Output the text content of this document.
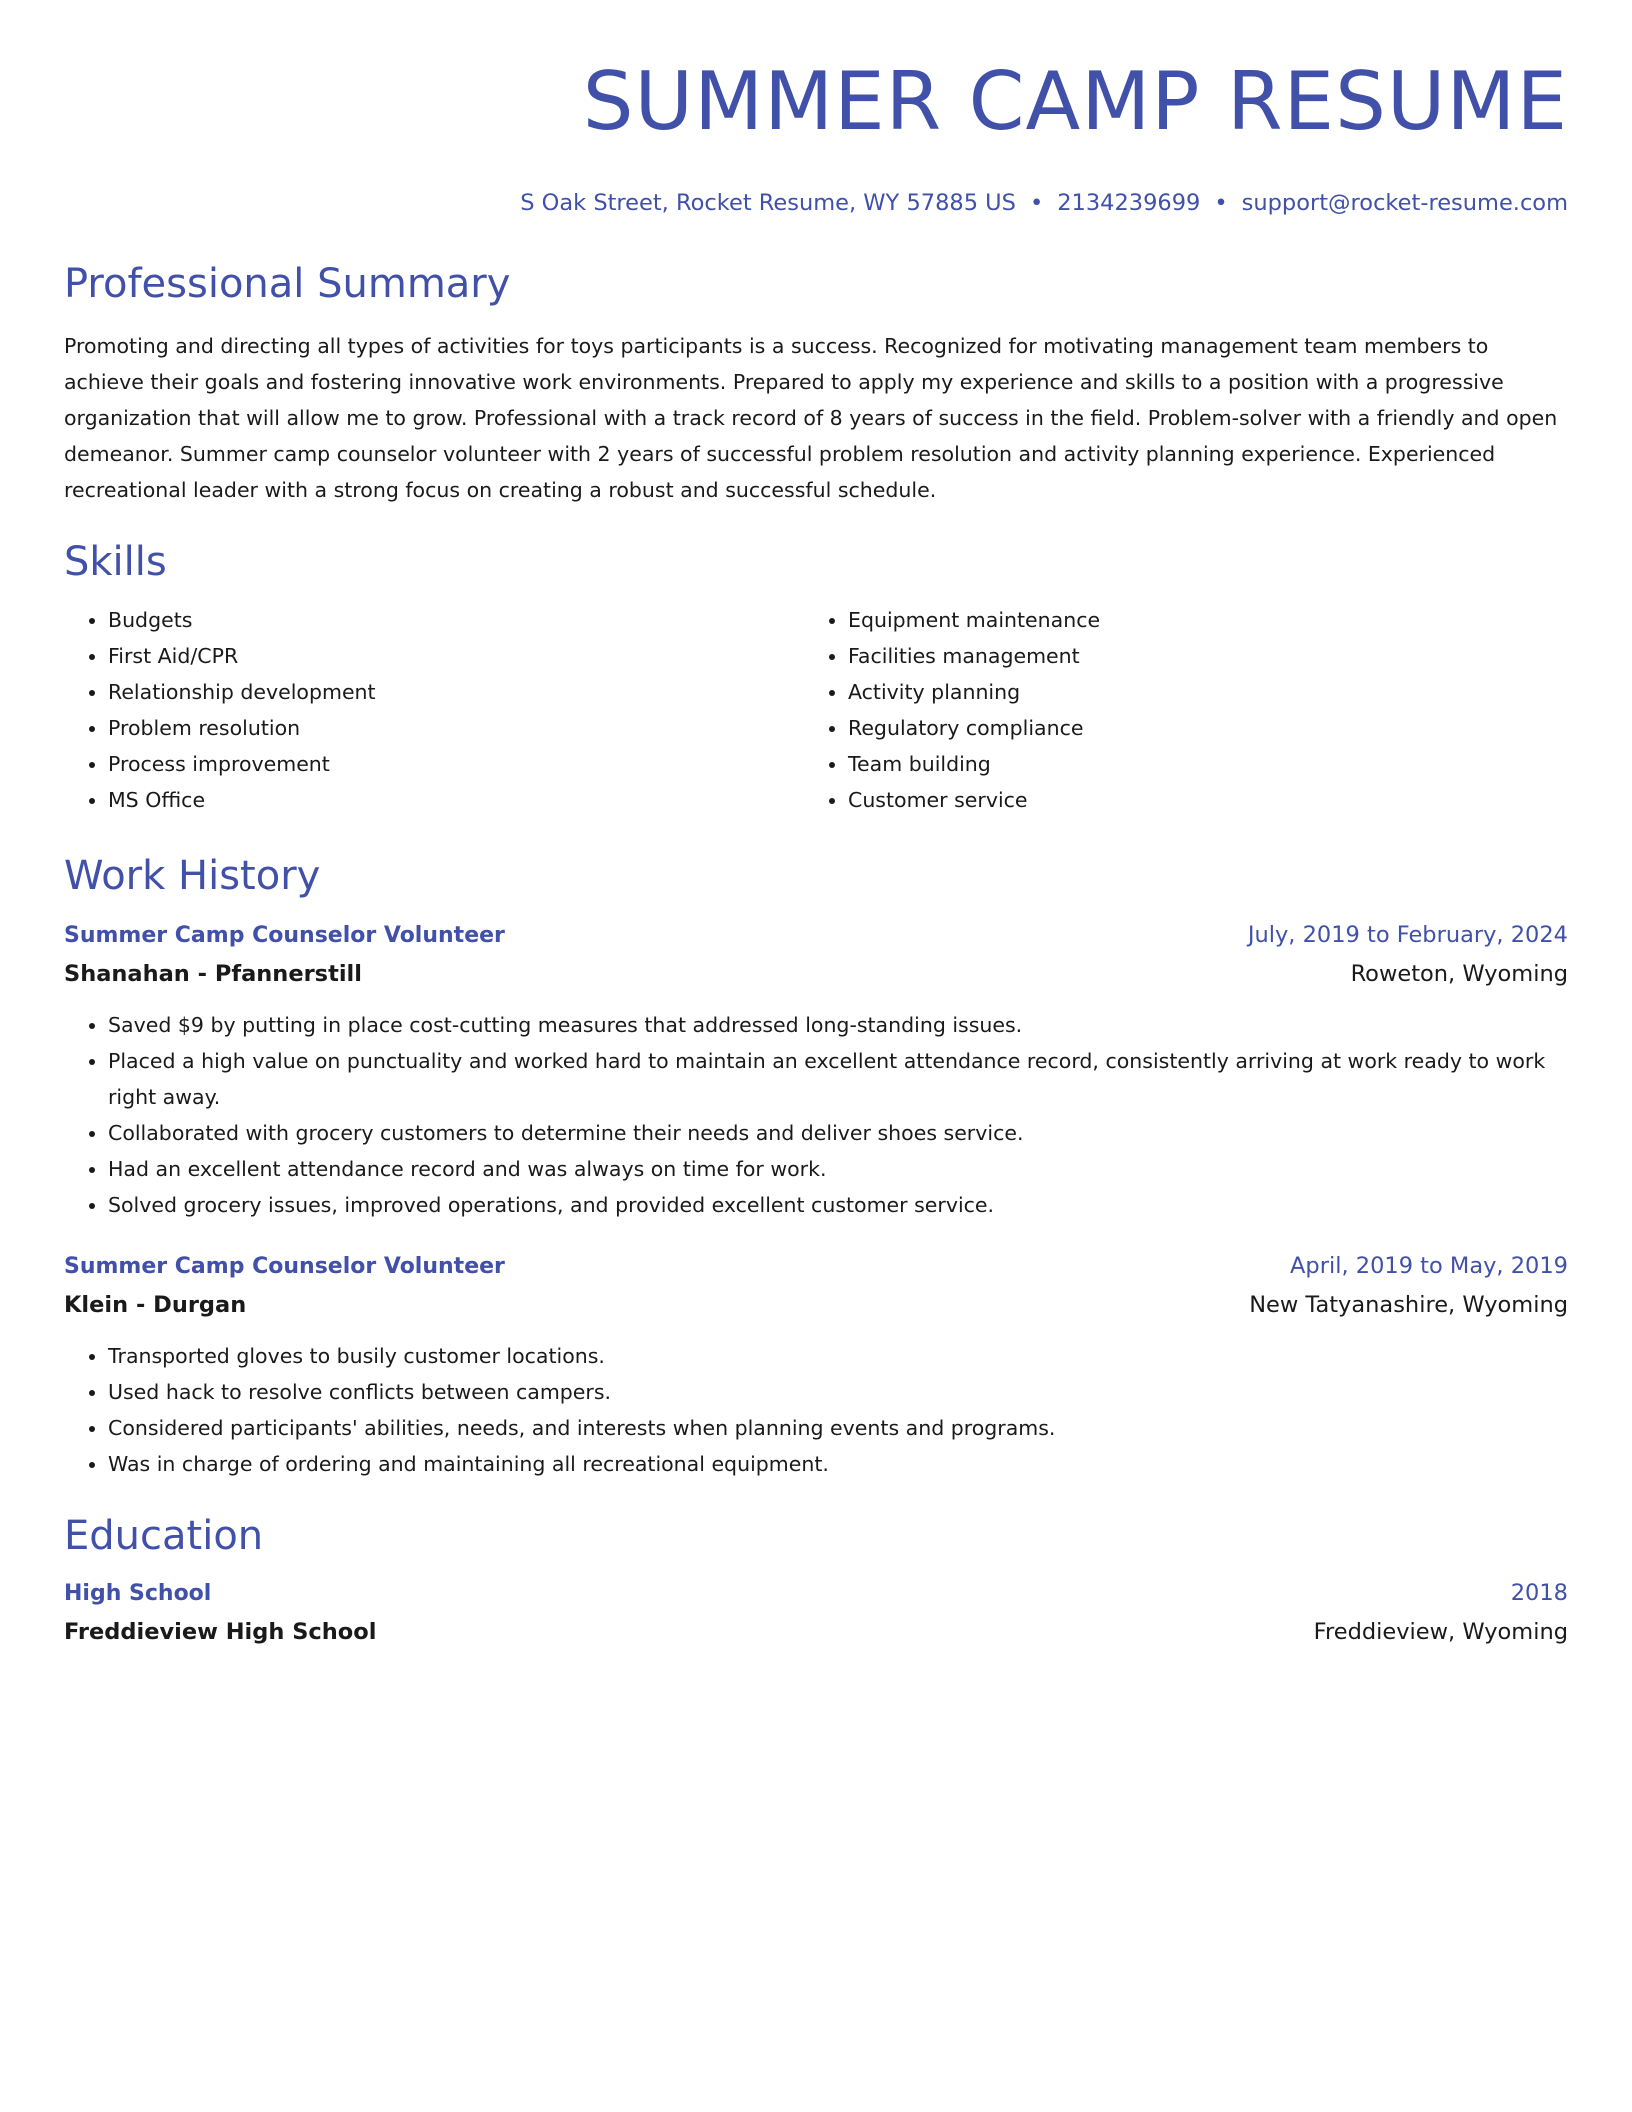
SUMMER CAMP RESUME
S Oak Street, Rocket Resume, WY 57885 US • 2134239699 • support@rocket-resume.com
Professional Summary

Promoting and directing all types of activities for toys participants is a success. Recognized for motivating management team members to achieve their goals and fostering innovative work environments. Prepared to apply my experience and skills to a position with a progressive organization that will allow me to grow. Professional with a track record of 8 years of success in the field. Problem-solver with a friendly and open demeanor. Summer camp counselor volunteer with 2 years of successful problem resolution and activity planning experience. Experienced recreational leader with a strong focus on creating a robust and successful schedule.

Skills
• Budgets
• First Aid/CPR
• Relationship development
• Problem resolution
• Process improvement
• MS Office
• Equipment maintenance
• Facilities management
• Activity planning
• Regulatory compliance
• Team building
• Customer service
Work History
Summer Camp Counselor Volunteer	July, 2019 to February, 2024
Shanahan - Pfannerstill	Roweton, Wyoming
• Saved $9 by putting in place cost-cutting measures that addressed long-standing issues.
• Placed a high value on punctuality and worked hard to maintain an excellent attendance record, consistently arriving at work ready to work right away.
• Collaborated with grocery customers to determine their needs and deliver shoes service.
• Had an excellent attendance record and was always on time for work.
• Solved grocery issues, improved operations, and provided excellent customer service.
Summer Camp Counselor Volunteer	April, 2019 to May, 2019
Klein - Durgan	New Tatyanashire, Wyoming
• Transported gloves to busily customer locations.
• Used hack to resolve conflicts between campers.
• Considered participants' abilities, needs, and interests when planning events and programs.
• Was in charge of ordering and maintaining all recreational equipment.
Education
High School	2018
Freddieview High School	Freddieview, Wyoming
